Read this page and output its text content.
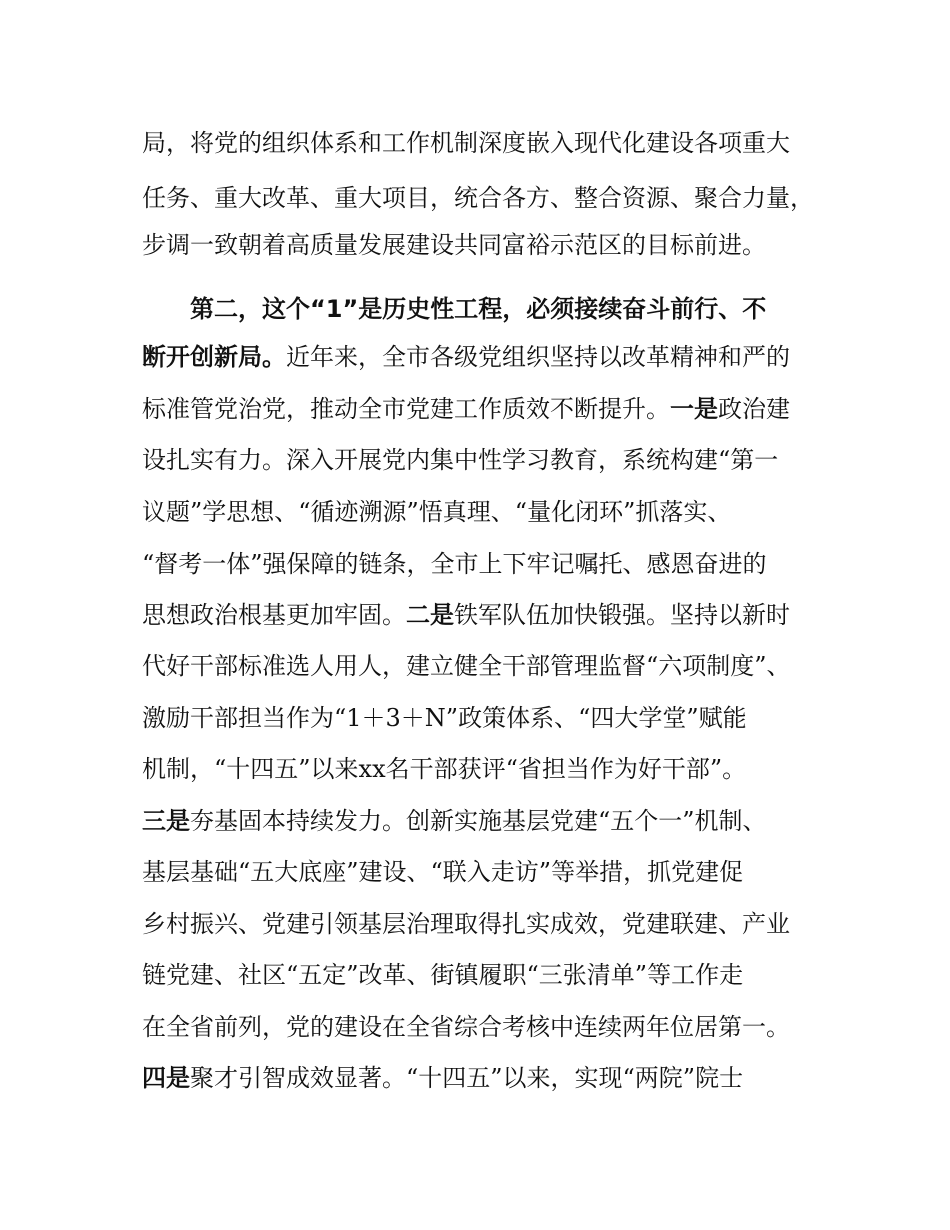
局，将党的组织体系和工作机制深度嵌入现代化建设各项重大
任务、重大改革、重大项目，统合各方、整合资源、聚合力量，
步调一致朝着高质量发展建设共同富裕示范区的目标前进。
第二，这个“1”是历史性工程，必须接续奋斗前行、不
断开创新局。近年来，全市各级党组织坚持以改革精神和严的
标准管党治党，推动全市党建工作质效不断提升。一是政治建
设扎实有力。深入开展党内集中性学习教育，系统构建“第一
议题”学思想、“循迹溯源”悟真理、“量化闭环”抓落实、
“督考一体”强保障的链条，全市上下牢记嘱托、感恩奋进的
思想政治根基更加牢固。二是铁军队伍加快锻强。坚持以新时
代好干部标准选人用人，建立健全干部管理监督“六项制度”、
激励干部担当作为“1＋3＋N”政策体系、“四大学堂”赋能
机制，“十四五”以来xx名干部获评“省担当作为好干部”。
三是夯基固本持续发力。创新实施基层党建“五个一”机制、
基层基础“五大底座”建设、“联入走访”等举措，抓党建促
乡村振兴、党建引领基层治理取得扎实成效，党建联建、产业
链党建、社区“五定”改革、街镇履职“三张清单”等工作走
在全省前列，党的建设在全省综合考核中连续两年位居第一。
四是聚才引智成效显著。“十四五”以来，实现“两院”院士
